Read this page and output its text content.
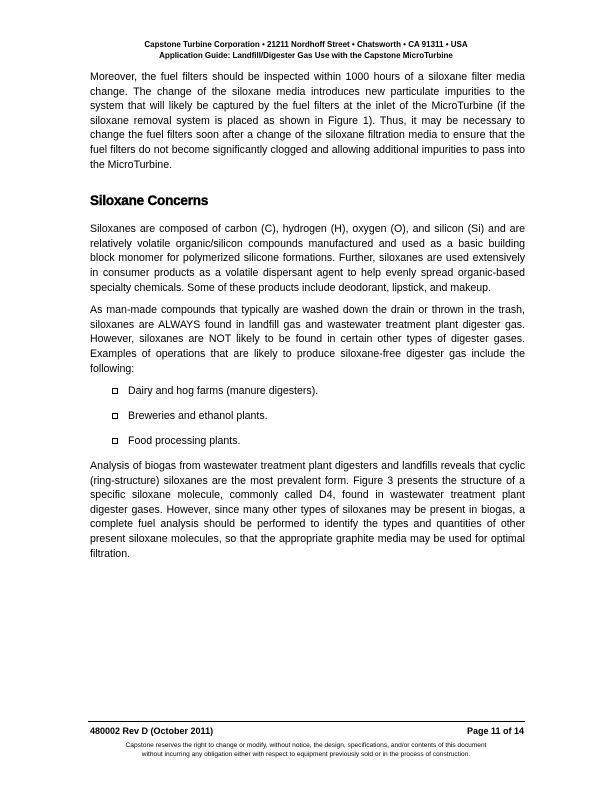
Capstone Turbine Corporation • 21211 Nordhoff Street • Chatsworth • CA 91311 • USA
Application Guide: Landfill/Digester Gas Use with the Capstone MicroTurbine

Moreover, the fuel filters should be inspected within 1000 hours of a siloxane filter media change. The change of the siloxane media introduces new particulate impurities to the system that will likely be captured by the fuel filters at the inlet of the MicroTurbine (if the siloxane removal system is placed as shown in Figure 1). Thus, it may be necessary to change the fuel filters soon after a change of the siloxane filtration media to ensure that the fuel filters do not become significantly clogged and allowing additional impurities to pass into the MicroTurbine.

Siloxane Concerns

Siloxanes are composed of carbon (C), hydrogen (H), oxygen (O), and silicon (Si) and are relatively volatile organic/silicon compounds manufactured and used as a basic building block monomer for polymerized silicone formations. Further, siloxanes are used extensively in consumer products as a volatile dispersant agent to help evenly spread organic-based specialty chemicals. Some of these products include deodorant, lipstick, and makeup.

As man-made compounds that typically are washed down the drain or thrown in the trash, siloxanes are ALWAYS found in landfill gas and wastewater treatment plant digester gas. However, siloxanes are NOT likely to be found in certain other types of digester gases. Examples of operations that are likely to produce siloxane-free digester gas include the following:

Dairy and hog farms (manure digesters).
Breweries and ethanol plants.
Food processing plants.

Analysis of biogas from wastewater treatment plant digesters and landfills reveals that cyclic (ring-structure) siloxanes are the most prevalent form. Figure 3 presents the structure of a specific siloxane molecule, commonly called D4, found in wastewater treatment plant digester gases. However, since many other types of siloxanes may be present in biogas, a complete fuel analysis should be performed to identify the types and quantities of other present siloxane molecules, so that the appropriate graphite media may be used for optimal filtration.

480002 Rev D (October 2011)	Page 11 of 14
Capstone reserves the right to change or modify, without notice, the design, specifications, and/or contents of this document
without incurring any obligation either with respect to equipment previously sold or in the process of construction.
